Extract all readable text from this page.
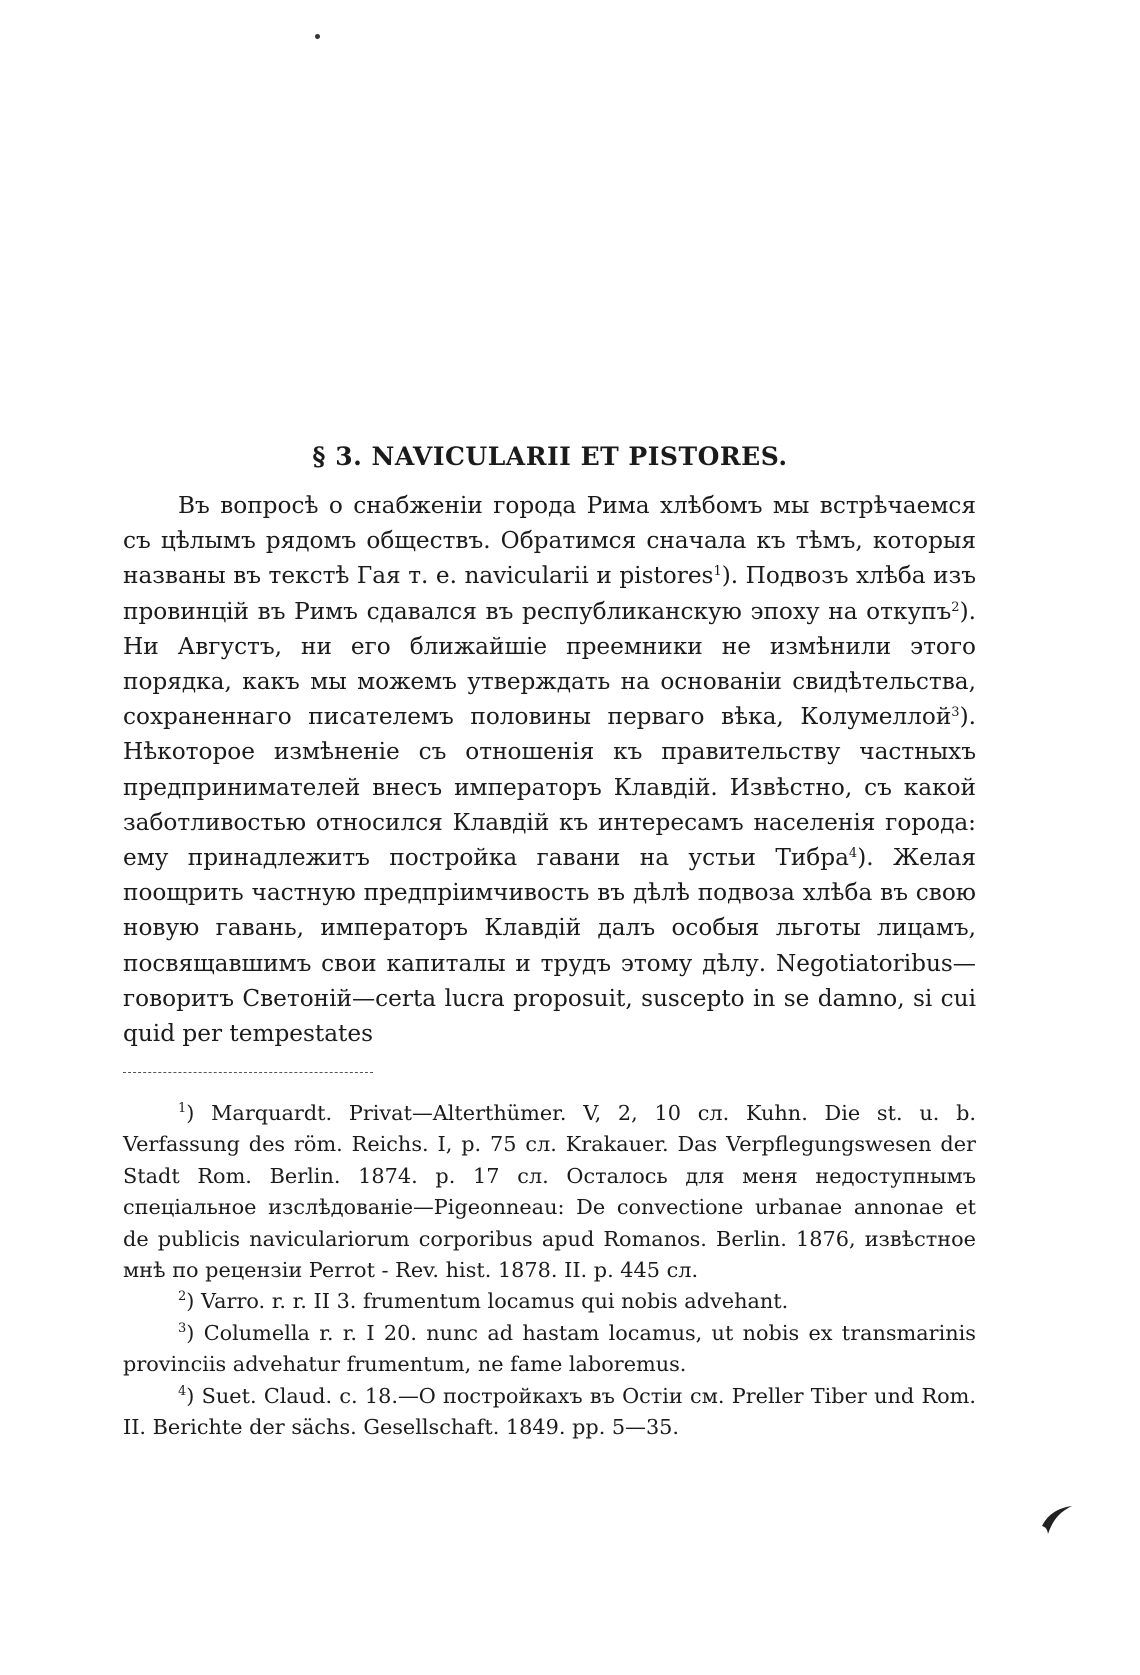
§ 3. NAVICULARII ET PISTORES.

Въ вопросѣ о снабженіи города Рима хлѣбомъ мы встрѣчаемся съ цѣлымъ рядомъ обществъ. Обратимся сначала къ тѣмъ, которыя названы въ текстѣ Гая т. е. navicularii и pistores$^1$). Подвозъ хлѣба изъ провинцій въ Римъ сдавался въ республиканскую эпоху на откупъ$^2$). Ни Августъ, ни его ближайшіе преемники не измѣнили этого порядка, какъ мы можемъ утверждать на основаніи свидѣтельства, сохраненнаго писателемъ половины перваго вѣка, Колумеллой$^3$). Нѣкоторое измѣненіе съ отношенія къ правительству частныхъ предпринимателей внесъ императоръ Клавдій. Извѣстно, съ какой заботливостью относился Клавдій къ интересамъ населенія города: ему принадлежитъ постройка гавани на устьи Тибра$^4$). Желая поощрить частную предпріимчивость въ дѣлѣ подвоза хлѣба въ свою новую гавань, императоръ Клавдій далъ особыя льготы лицамъ, посвящавшимъ свои капиталы и трудъ этому дѣлу. Negotiatoribus—говоритъ Светоній—certa lucra proposuit, suscepto in se damno, si cui quid per tempestates

$^1$) Marquardt. Privat—Alterthümer. V, 2, 10 сл. Kuhn. Die st. u. b. Verfassung des röm. Reichs. I, p. 75 сл. Krakauer. Das Verpflegungswesen der Stadt Rom. Berlin. 1874. p. 17 сл. Осталось для меня недоступнымъ спеціальное изслѣдованіе—Pigeonneau: De convectione urbanae annonae et de publicis naviculariorum corporibus apud Romanos. Berlin. 1876, извѣстное мнѣ по рецензіи Perrot - Rev. hist. 1878. II. p. 445 сл.

$^2$) Varro. r. r. II 3. frumentum locamus qui nobis advehant.

$^3$) Columella r. r. I 20. nunc ad hastam locamus, ut nobis ex transmarinis provinciis advehatur frumentum, ne fame laboremus.

$^4$) Suet. Claud. c. 18.—О постройкахъ въ Остіи см. Preller Tiber und Rom. II. Berichte der sächs. Gesellschaft. 1849. pp. 5—35.
